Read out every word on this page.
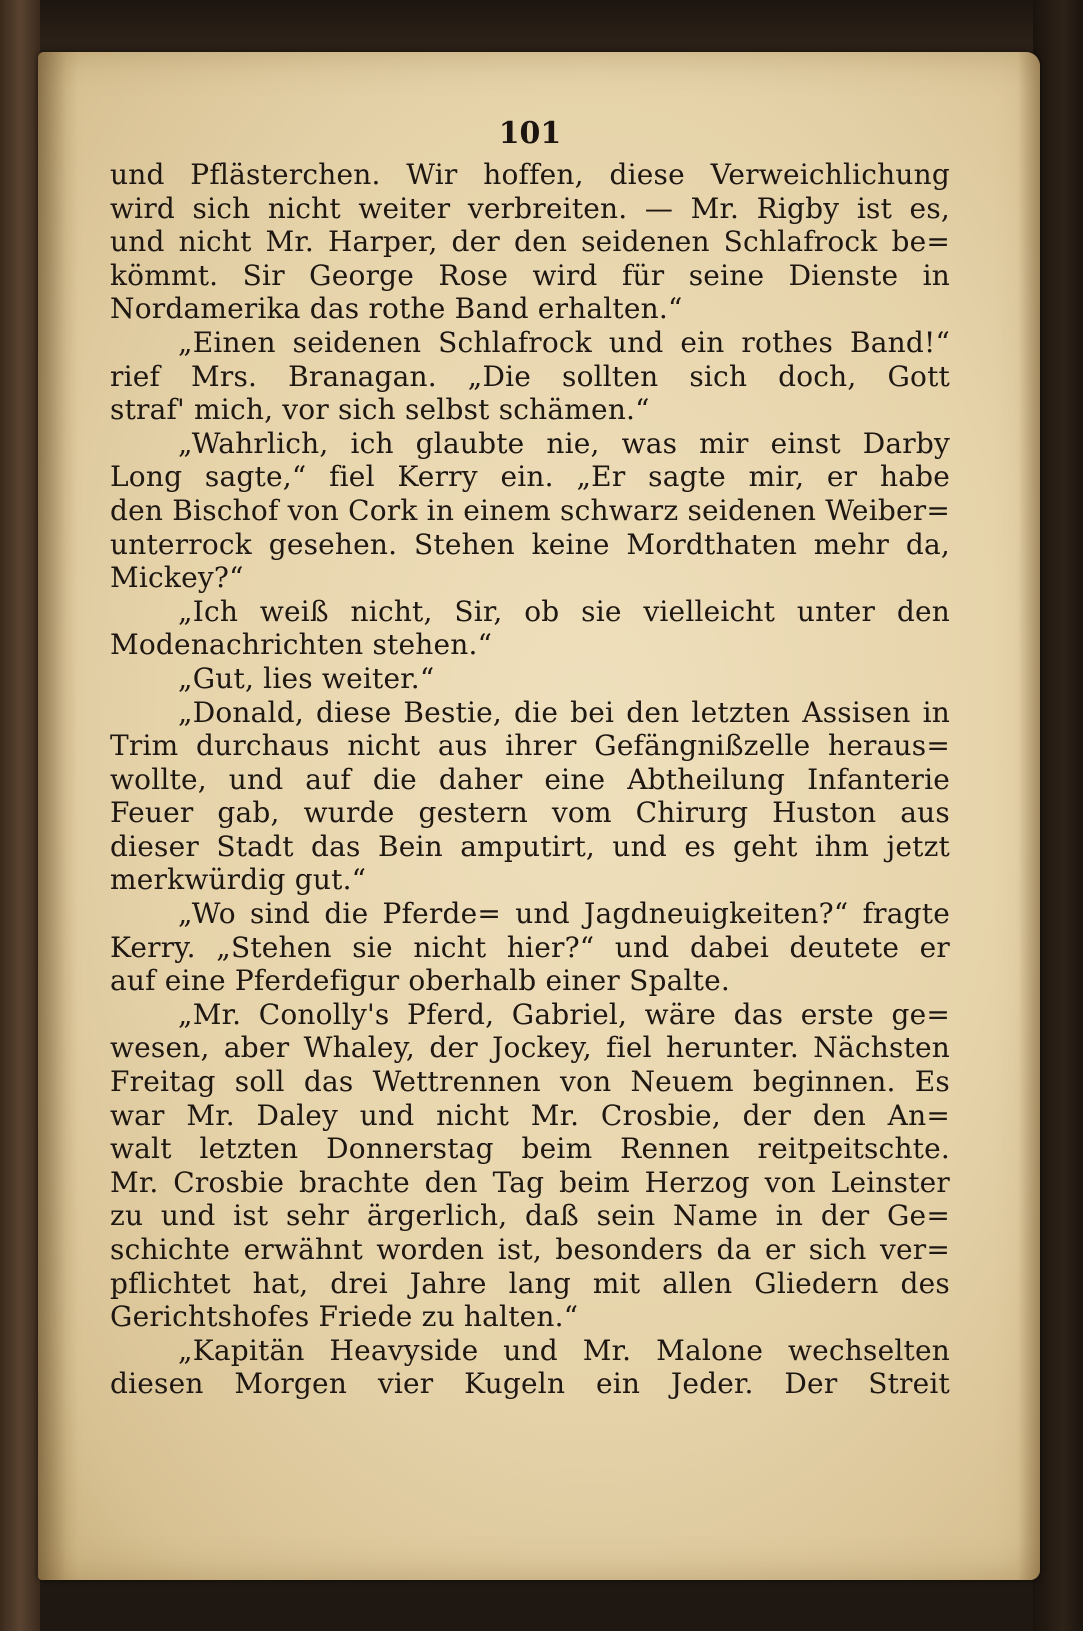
101
und Pflästerchen. Wir hoffen, diese Verweichlichung
wird sich nicht weiter verbreiten. — Mr. Rigby ist es,
und nicht Mr. Harper, der den seidenen Schlafrock be=
kömmt. Sir George Rose wird für seine Dienste in
Nordamerika das rothe Band erhalten.“
„Einen seidenen Schlafrock und ein rothes Band!“
rief Mrs. Branagan. „Die sollten sich doch, Gott
straf' mich, vor sich selbst schämen.“
„Wahrlich, ich glaubte nie, was mir einst Darby
Long sagte,“ fiel Kerry ein. „Er sagte mir, er habe
den Bischof von Cork in einem schwarz seidenen Weiber=
unterrock gesehen. Stehen keine Mordthaten mehr da,
Mickey?“
„Ich weiß nicht, Sir, ob sie vielleicht unter den
Modenachrichten stehen.“
„Gut, lies weiter.“
„Donald, diese Bestie, die bei den letzten Assisen in
Trim durchaus nicht aus ihrer Gefängnißzelle heraus=
wollte, und auf die daher eine Abtheilung Infanterie
Feuer gab, wurde gestern vom Chirurg Huston aus
dieser Stadt das Bein amputirt, und es geht ihm jetzt
merkwürdig gut.“
„Wo sind die Pferde= und Jagdneuigkeiten?“ fragte
Kerry. „Stehen sie nicht hier?“ und dabei deutete er
auf eine Pferdefigur oberhalb einer Spalte.
„Mr. Conolly's Pferd, Gabriel, wäre das erste ge=
wesen, aber Whaley, der Jockey, fiel herunter. Nächsten
Freitag soll das Wettrennen von Neuem beginnen. Es
war Mr. Daley und nicht Mr. Crosbie, der den An=
walt letzten Donnerstag beim Rennen reitpeitschte.
Mr. Crosbie brachte den Tag beim Herzog von Leinster
zu und ist sehr ärgerlich, daß sein Name in der Ge=
schichte erwähnt worden ist, besonders da er sich ver=
pflichtet hat, drei Jahre lang mit allen Gliedern des
Gerichtshofes Friede zu halten.“
„Kapitän Heavyside und Mr. Malone wechselten
diesen Morgen vier Kugeln ein Jeder. Der Streit
